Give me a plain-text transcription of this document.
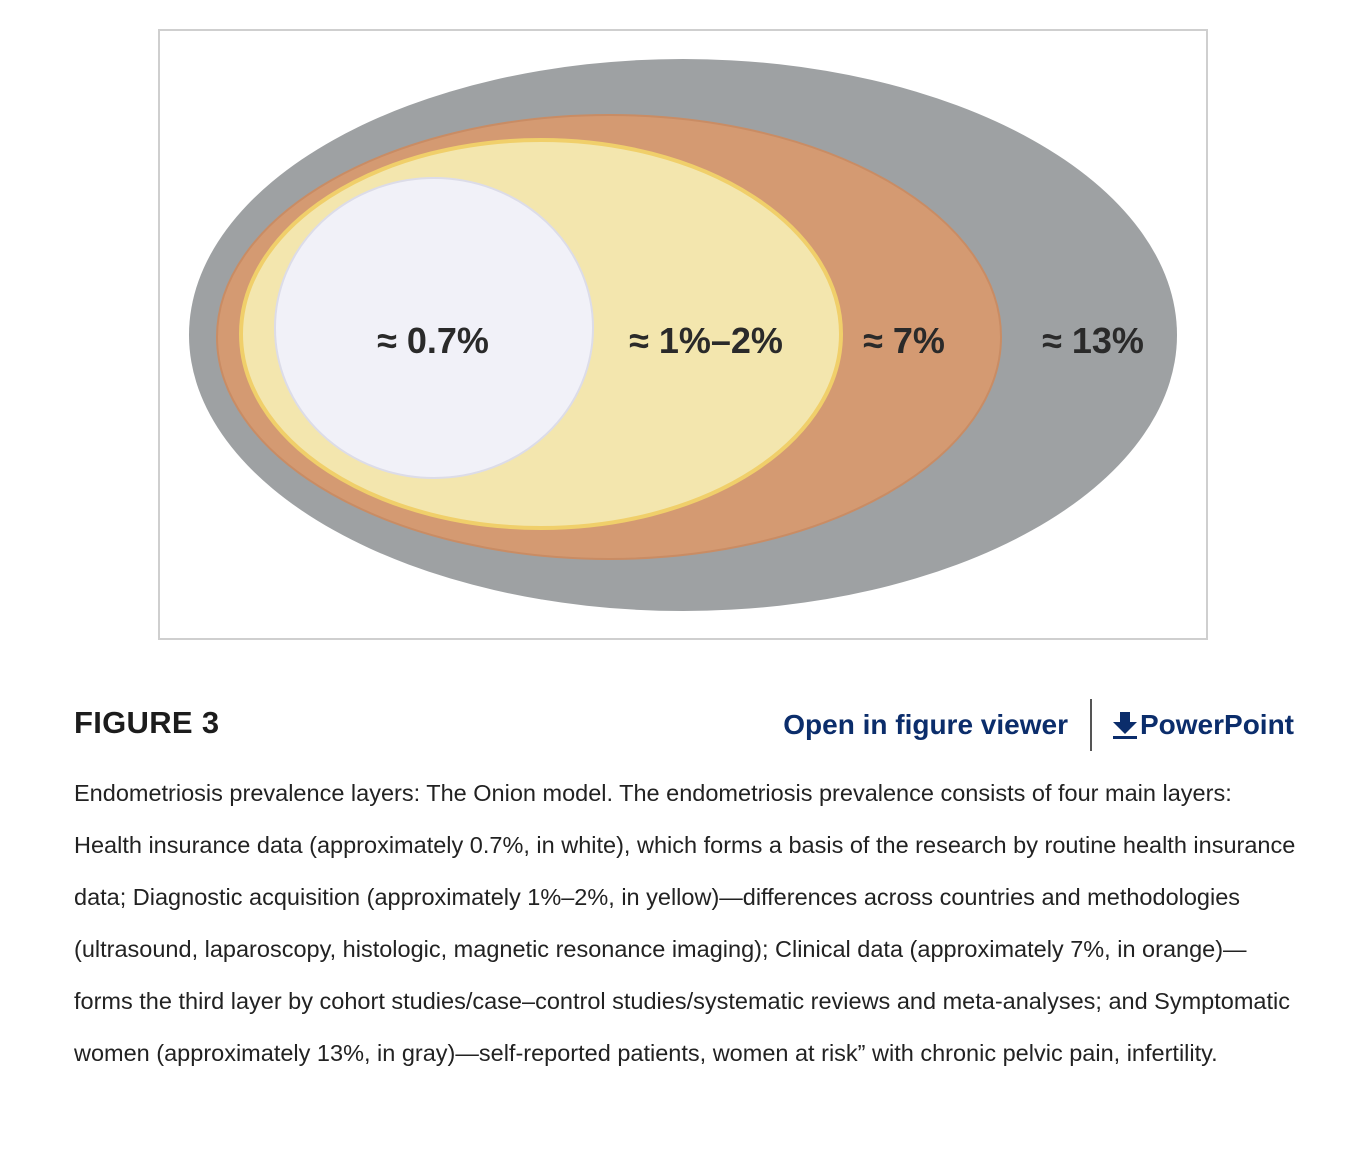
≈ 0.7%	≈ 1%–2% ≈ 7%	≈ 13%
FIGURE 3	Open in figure viewer	PowerPoint
Endometriosis prevalence layers: The Onion model. The endometriosis prevalence consists of four main layers: Health insurance data (approximately 0.7%, in white), which forms a basis of the research by routine health insurance data; Diagnostic acquisition (approximately 1%–2%, in yellow)—differences across countries and methodologies (ultrasound, laparoscopy, histologic, magnetic resonance imaging); Clinical data (approximately 7%, in orange)—forms the third layer by cohort studies/case–control studies/systematic reviews and meta-analyses; and Symptomatic women (approximately 13%, in gray)—self-reported patients, women at risk” with chronic pelvic pain, infertility.
